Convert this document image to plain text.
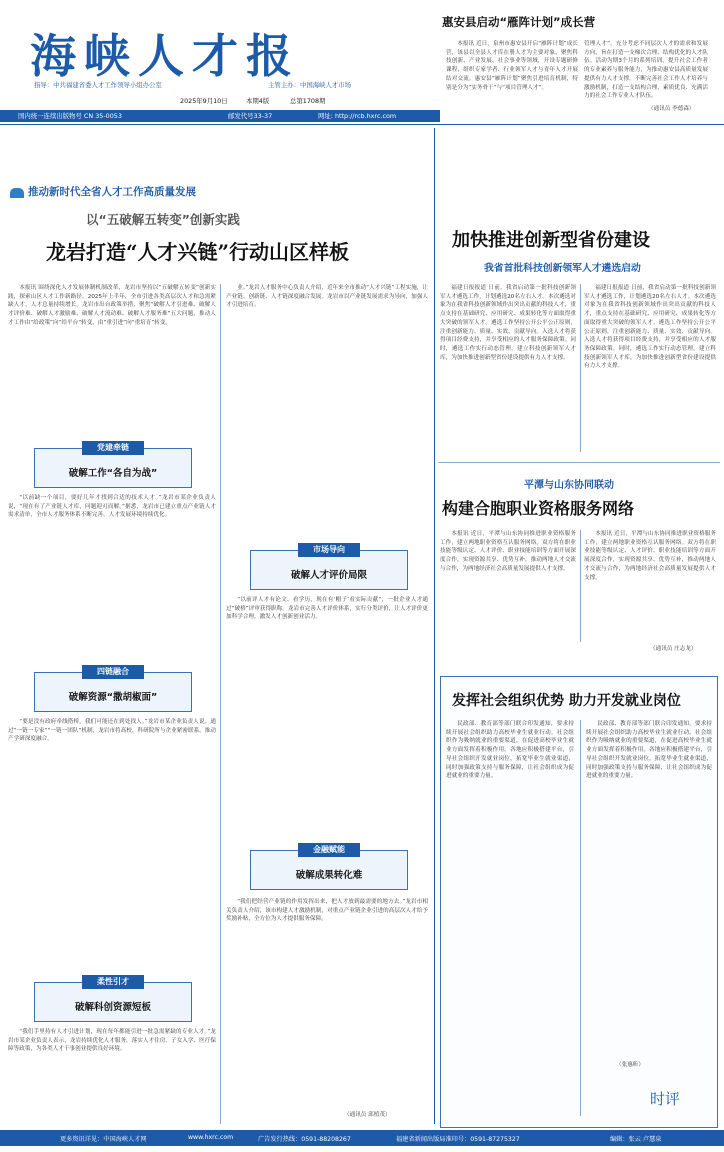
海峡人才报
指导：中共福建省委人才工作领导小组办公室	主管主办：中国海峡人才市场
2025年9月10日	本期4版	总第1708期
惠安县启动“雁阵计划”成长营
本报讯 近日，泉州市惠安县开启“雁阵计划”成长营，该县以全县人才库在册人才为主要对象，聚焦科技创新、产业发展、社会事业等领域，开设专题研修课程，组织专家学者、行业领军人才与青年人才开展结对交流。惠安县“雁阵计划”聚焦引进培育机制，特别是分为“实务骨干”与“项目管理人才”。
管理人才”，充分考虑不同层次人才的需求和发展方向，旨在打造一支梯次合理、结构优化的人才队伍。活动为期3个月的系列培训，提升社会工作者的专业素养与服务能力，为推动惠安县高质量发展提供有力人才支撑。不断完善社会工作人才培养与激励机制，打造一支结构合理、素质优良、充满活力的社会工作专业人才队伍。
（通讯员 李德森）
国内统一连续出版物号 CN 35-0053	邮发代号33-37	网址: http://rcb.hxrc.com
推动新时代全省人才工作高质量发展
以“五破解五转变”创新实践
龙岩打造“人才兴链”行动山区样板
本报讯 围绕深化人才发展体制机制改革，龙岩市坚持以“五破解五转变”创新实践，探索山区人才工作新路径。2025年上半年，全市引进各类高层次人才和急需紧缺人才，人才总量持续增长。龙岩市出台政策举措，聚焦“破解人才引进难、破解人才评价难、破解人才激励难、破解人才流动难、破解人才服务难”五大问题，推动人才工作由“给政策”向“给平台”转变，由“重引进”向“重培育”转变。
党建牵链
破解工作“各自为战”
“以前缺一个项目，要好几年才找到合适的技术人才。”龙岩市某企业负责人说，“现在有了产业链人才库，问题迎刃而解。”据悉，龙岩市已建立重点产业链人才需求清单，全市人才服务体系不断完善，人才发展环境持续优化。
四链融合
破解资源“撒胡椒面”
“要是没有政府牵线搭桥，我们可能还在到处找人。”龙岩市某企业负责人说。通过“一链一专家”“一链一团队”机制，龙岩市将高校、科研院所与企业紧密联系，推动产学研深度融合。
柔性引才
破解科创资源短板
“我们手里持有人才引进计划，现在每年都能引进一批急需紧缺的专业人才。”龙岩市某企业负责人表示，龙岩持续优化人才服务，落实人才住房、子女入学、医疗保障等政策，为各类人才干事创业提供良好环境。
业。”龙岩人才服务中心负责人介绍，近年来全市推动“人才兴链”工程实施，让产业链、创新链、人才链深度融合发展。龙岩市以产业链发展需求为导向，加强人才引进培育。
市场导向
破解人才评价局限
“以前评人才有论文、看学历，现在有‘帽子’看实际贡献”，一批企业人才通过“破格”评审获得职称。龙岩市完善人才评价体系，实行分类评价，让人才评价更加科学合理，激发人才创新创业活力。
金融赋能
破解成果转化难
“我们把经营产业链的作用发挥出来，把人才放到最需要的地方去。”龙岩市相关负责人介绍，该市构建人才激励机制，对重点产业链企业引进的高层次人才给予奖励补贴，全方位为人才提供服务保障。
（通讯员 邱植茂）
加快推进创新型省份建设
我省首批科技创新领军人才遴选启动
福建日报报道 日前，我省启动第一批科技创新领军人才遴选工作，计划遴选20名左右人才。本次遴选对象为在我省科技创新领域作出突出贡献的科技人才，重点支持在基础研究、应用研究、成果转化等方面取得重大突破的领军人才。遴选工作坚持公开公平公正原则，注重创新能力、质量、实效、贡献导向。入选人才将获得项目经费支持，并享受相应的人才服务保障政策。同时，遴选工作实行动态管理，建立科技创新领军人才库，为加快推进创新型省份建设提供有力人才支撑。
福建日报报道 日前，我省启动第一批科技创新领军人才遴选工作，计划遴选20名左右人才。本次遴选对象为在我省科技创新领域作出突出贡献的科技人才，重点支持在基础研究、应用研究、成果转化等方面取得重大突破的领军人才。遴选工作坚持公开公平公正原则，注重创新能力、质量、实效、贡献导向。入选人才将获得项目经费支持，并享受相应的人才服务保障政策。同时，遴选工作实行动态管理，建立科技创新领军人才库，为加快推进创新型省份建设提供有力人才支撑。
平潭与山东协同联动
构建合胞职业资格服务网络
本报讯 近日，平潭与山东协同推进职业资格服务工作，建立两地职业资格互认服务网络。双方将在职业技能等级认定、人才评价、职业技能培训等方面开展深度合作，实现资源共享、优势互补，推动两地人才交流与合作，为两地经济社会高质量发展提供人才支撑。
本报讯 近日，平潭与山东协同推进职业资格服务工作，建立两地职业资格互认服务网络。双方将在职业技能等级认定、人才评价、职业技能培训等方面开展深度合作，实现资源共享、优势互补，推动两地人才交流与合作，为两地经济社会高质量发展提供人才支撑。
（通讯员 庄志龙）
发挥社会组织优势 助力开发就业岗位
民政部、教育部等部门联合印发通知，要求持续开展社会组织助力高校毕业生就业行动。社会组织作为吸纳就业的重要渠道，在促进高校毕业生就业方面发挥着积极作用。各地应积极搭建平台，引导社会组织开发就业岗位，拓宽毕业生就业渠道，同时加强政策支持与服务保障，让社会组织成为促进就业的重要力量。
民政部、教育部等部门联合印发通知，要求持续开展社会组织助力高校毕业生就业行动。社会组织作为吸纳就业的重要渠道，在促进高校毕业生就业方面发挥着积极作用。各地应积极搭建平台，引导社会组织开发就业岗位，拓宽毕业生就业渠道，同时加强政策支持与服务保障，让社会组织成为促进就业的重要力量。
时评
（张惠昕）
更多资讯详见：中国海峡人才网	www.hxrc.com	广告发行热线：0591-88208267	福建省新闻出版局准印号：0591-87275327	编辑：张云 卢慧泉
